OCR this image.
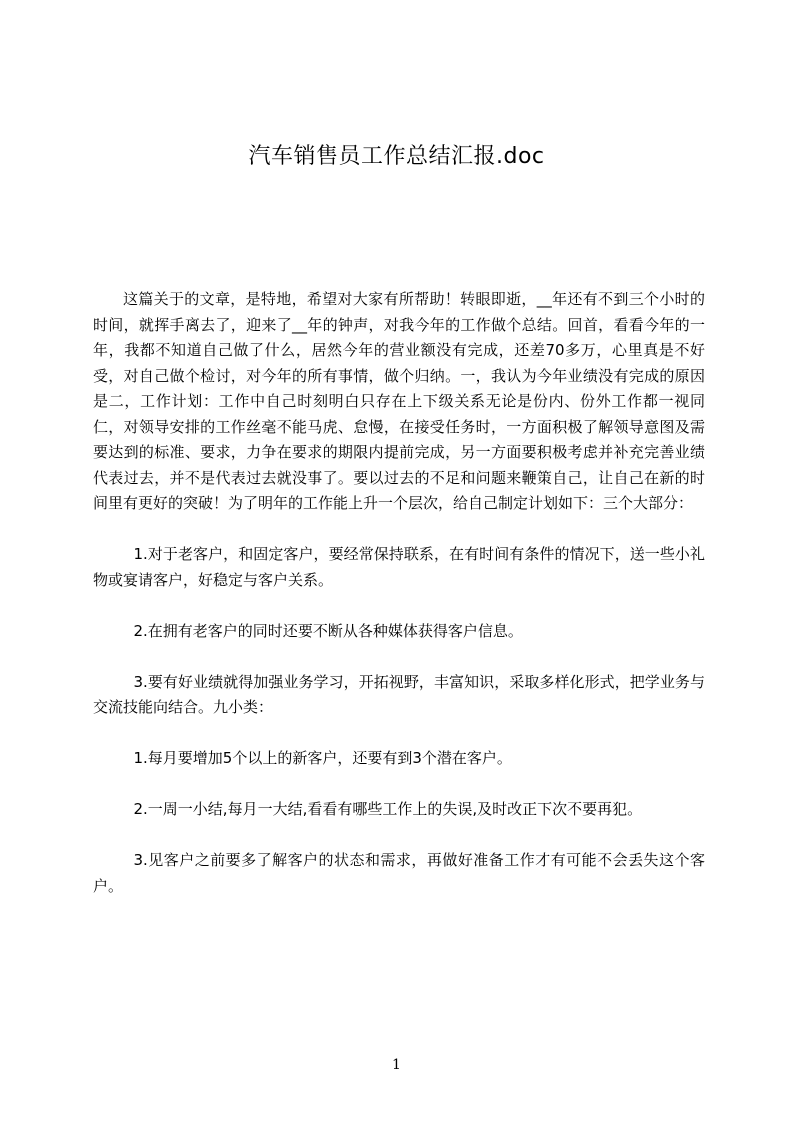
汽车销售员工作总结汇报.doc

这篇关于的文章，是特地，希望对大家有所帮助！转眼即逝，__年还有不到三个小时的时间，就挥手离去了，迎来了__年的钟声，对我今年的工作做个总结。回首，看看今年的一年，我都不知道自己做了什么，居然今年的营业额没有完成，还差70多万，心里真是不好受，对自己做个检讨，对今年的所有事情，做个归纳。一，我认为今年业绩没有完成的原因是二，工作计划：工作中自己时刻明白只存在上下级关系无论是份内、份外工作都一视同仁，对领导安排的工作丝毫不能马虎、怠慢，在接受任务时，一方面积极了解领导意图及需要达到的标准、要求，力争在要求的期限内提前完成，另一方面要积极考虑并补充完善业绩代表过去，并不是代表过去就没事了。要以过去的不足和问题来鞭策自己，让自己在新的时间里有更好的突破！为了明年的工作能上升一个层次，给自己制定计划如下：三个大部分：

1.对于老客户，和固定客户，要经常保持联系，在有时间有条件的情况下，送一些小礼物或宴请客户，好稳定与客户关系。

2.在拥有老客户的同时还要不断从各种媒体获得客户信息。

3.要有好业绩就得加强业务学习，开拓视野，丰富知识，采取多样化形式，把学业务与交流技能向结合。九小类：

1.每月要增加5个以上的新客户，还要有到3个潜在客户。

2.一周一小结,每月一大结,看看有哪些工作上的失误,及时改正下次不要再犯。

3.见客户之前要多了解客户的状态和需求，再做好准备工作才有可能不会丢失这个客户。

1
